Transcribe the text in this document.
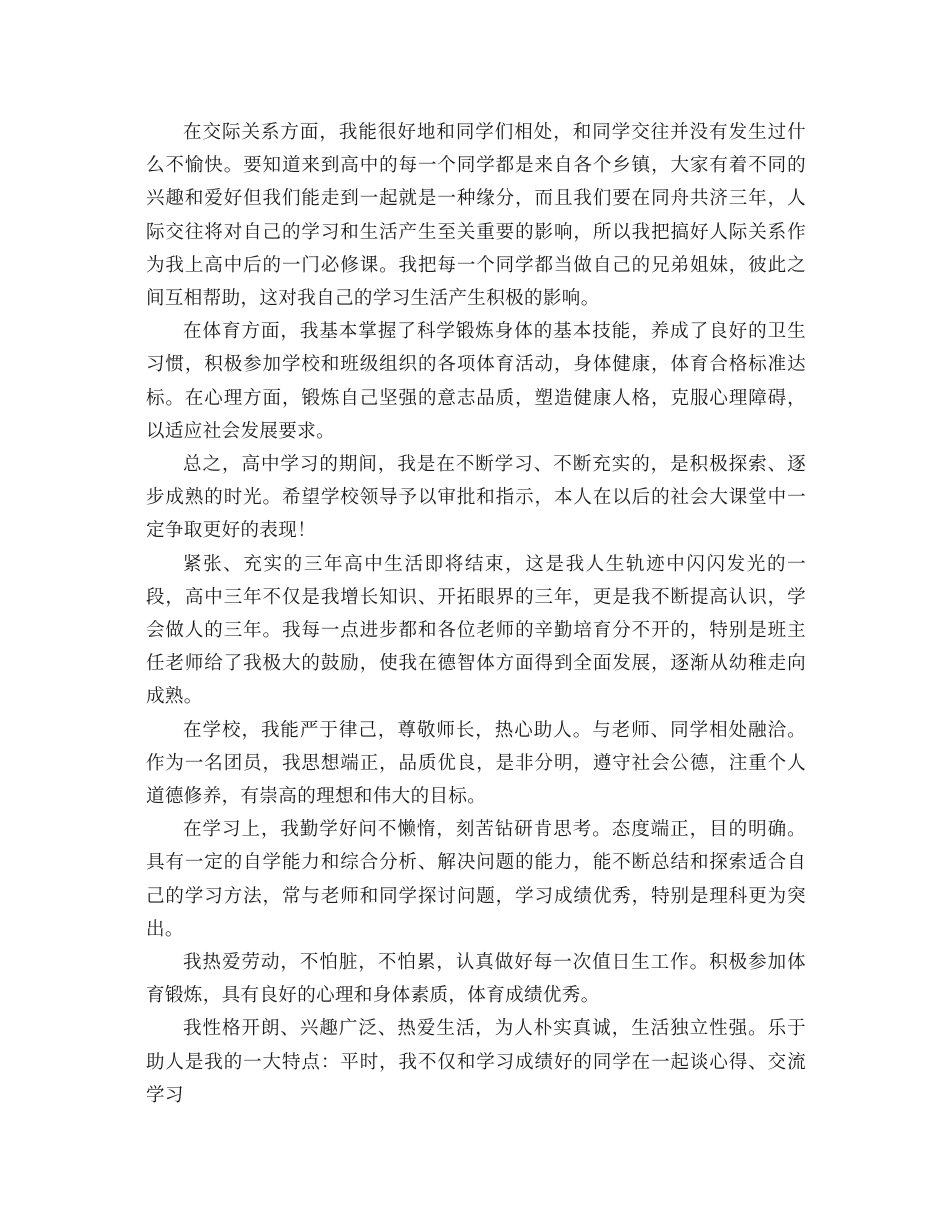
在交际关系方面，我能很好地和同学们相处，和同学交往并没有发生过什么不愉快。要知道来到高中的每一个同学都是来自各个乡镇，大家有着不同的兴趣和爱好但我们能走到一起就是一种缘分，而且我们要在同舟共济三年，人际交往将对自己的学习和生活产生至关重要的影响，所以我把搞好人际关系作为我上高中后的一门必修课。我把每一个同学都当做自己的兄弟姐妹，彼此之间互相帮助，这对我自己的学习生活产生积极的影响。

在体育方面，我基本掌握了科学锻炼身体的基本技能，养成了良好的卫生习惯，积极参加学校和班级组织的各项体育活动，身体健康，体育合格标准达标。在心理方面，锻炼自己坚强的意志品质，塑造健康人格，克服心理障碍，以适应社会发展要求。

总之，高中学习的期间，我是在不断学习、不断充实的，是积极探索、逐步成熟的时光。希望学校领导予以审批和指示，本人在以后的社会大课堂中一定争取更好的表现！

紧张、充实的三年高中生活即将结束，这是我人生轨迹中闪闪发光的一段，高中三年不仅是我增长知识、开拓眼界的三年，更是我不断提高认识，学会做人的三年。我每一点进步都和各位老师的辛勤培育分不开的，特别是班主任老师给了我极大的鼓励，使我在德智体方面得到全面发展，逐渐从幼稚走向成熟。

在学校，我能严于律己，尊敬师长，热心助人。与老师、同学相处融洽。作为一名团员，我思想端正，品质优良，是非分明，遵守社会公德，注重个人道德修养，有崇高的理想和伟大的目标。

在学习上，我勤学好问不懒惰，刻苦钻研肯思考。态度端正，目的明确。具有一定的自学能力和综合分析、解决问题的能力，能不断总结和探索适合自己的学习方法，常与老师和同学探讨问题，学习成绩优秀，特别是理科更为突出。

我热爱劳动，不怕脏，不怕累，认真做好每一次值日生工作。积极参加体育锻炼，具有良好的心理和身体素质，体育成绩优秀。

我性格开朗、兴趣广泛、热爱生活，为人朴实真诚，生活独立性强。乐于助人是我的一大特点：平时，我不仅和学习成绩好的同学在一起谈心得、交流学习
